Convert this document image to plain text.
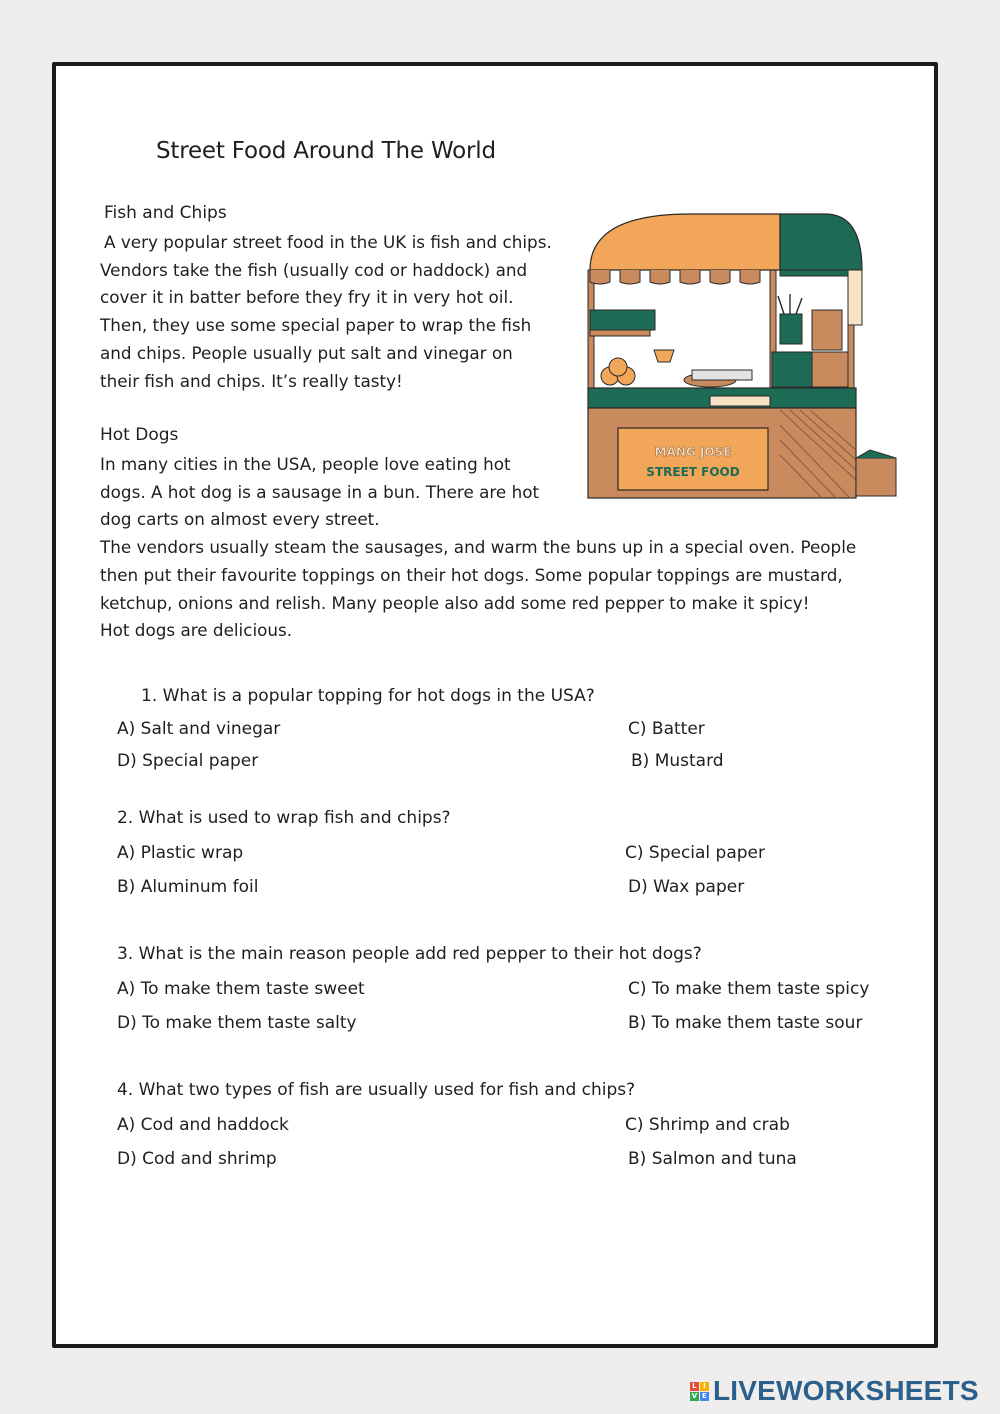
Street Food Around The World
Fish and Chips
A very popular street food in the UK is fish and chips.
Vendors take the fish (usually cod or haddock) and
cover it in batter before they fry it in very hot oil.
Then, they use some special paper to wrap the fish
and chips. People usually put salt and vinegar on
their fish and chips. It’s really tasty!
Hot Dogs
In many cities in the USA, people love eating hot
dogs. A hot dog is a sausage in a bun. There are hot
dog carts on almost every street.
The vendors usually steam the sausages, and warm the buns up in a special oven. People
then put their favourite toppings on their hot dogs. Some popular toppings are mustard,
ketchup, onions and relish. Many people also add some red pepper to make it spicy!
Hot dogs are delicious.
MANG JOSE
STREET FOOD
1. What is a popular topping for hot dogs in the USA?
A) Salt and vinegar	C) Batter
D) Special paper	B) Mustard
2. What is used to wrap fish and chips?
A) Plastic wrap	C) Special paper
B) Aluminum foil	D) Wax paper
3. What is the main reason people add red pepper to their hot dogs?
A) To make them taste sweet	C) To make them taste spicy
D) To make them taste salty	B) To make them taste sour
4. What two types of fish are usually used for fish and chips?
A) Cod and haddock	C) Shrimp and crab
D) Cod and shrimp	B) Salmon and tuna
L I
V E LIVEWORKSHEETS
